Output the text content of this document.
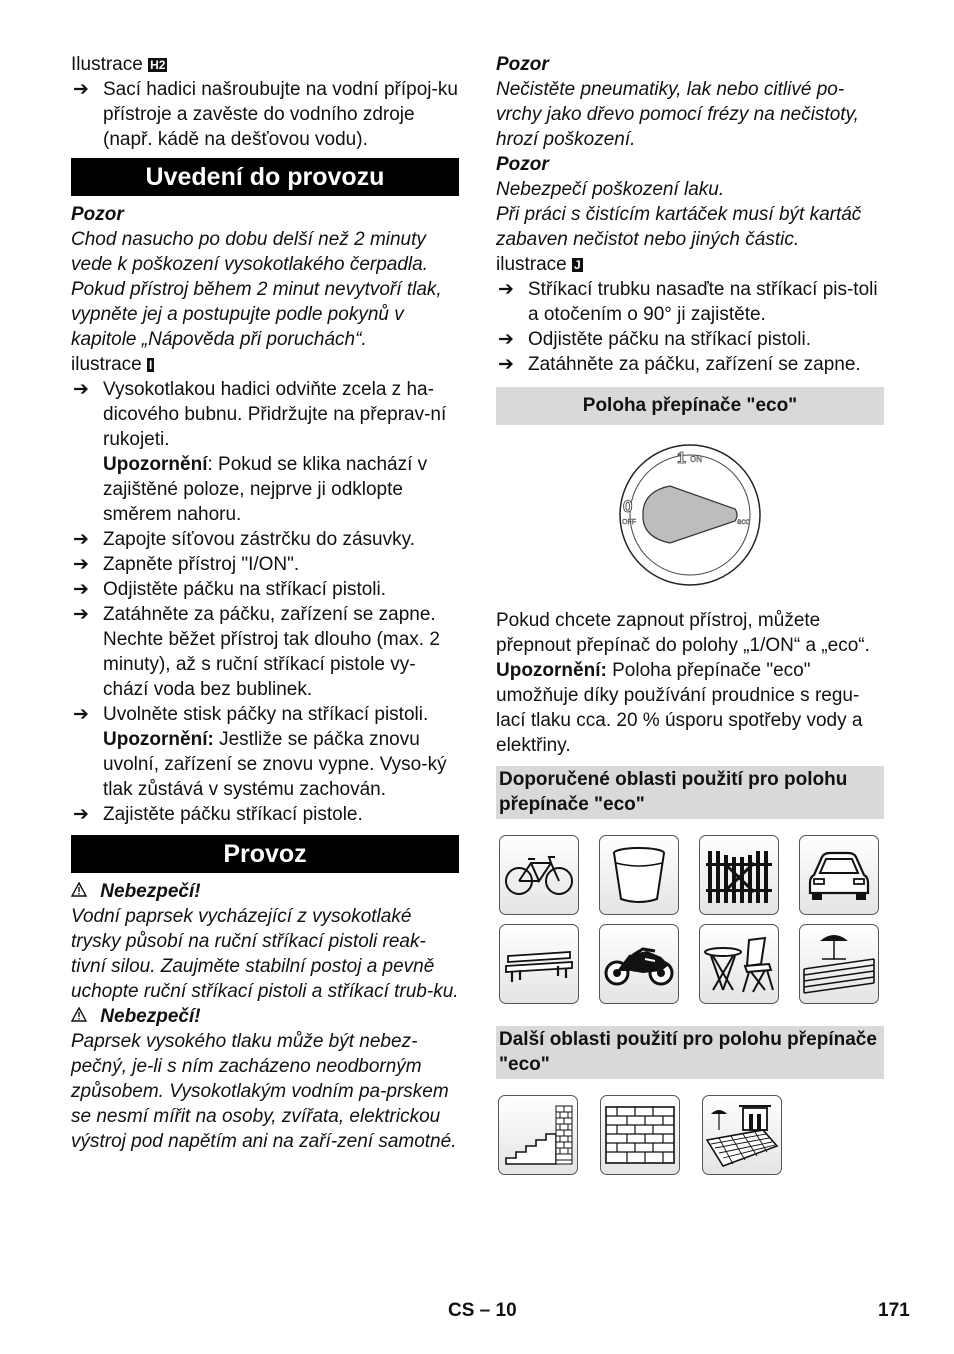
Ilustrace H2

➔ Sací hadici našroubujte na vodní přípoj-ku přístroje a zavěste do vodního zdroje (např. kádě na dešťovou vodu).
Uvedení do provozu

Pozor

Chod nasucho po dobu delší než 2 minuty vede k poškození vysokotlakého čerpadla. Pokud přístroj během 2 minut nevytvoří tlak, vypněte jej a postupujte podle pokynů v kapitole „Nápověda při poruchách“.

ilustrace I

➔ Vysokotlakou hadici odviňte zcela z ha-dicového bubnu. Přidržujte na přeprav-ní rukojeti.
Upozornění: Pokud se klika nachází v zajištěné poloze, nejprve ji odklopte směrem nahoru.
➔ Zapojte síťovou zástrčku do zásuvky.
➔ Zapněte přístroj "I/ON".
➔ Odjistěte páčku na stříkací pistoli.
➔ Zatáhněte za páčku, zařízení se zapne. Nechte běžet přístroj tak dlouho (max. 2 minuty), až s ruční stříkací pistole vy-chází voda bez bublinek.
➔ Uvolněte stisk páčky na stříkací pistoli.
Upozornění: Jestliže se páčka znovu uvolní, zařízení se znovu vypne. Vyso-ký tlak zůstává v systému zachován.
➔ Zajistěte páčku stříkací pistole.
Provoz

Nebezpečí!

Vodní paprsek vycházející z vysokotlaké trysky působí na ruční stříkací pistoli reak-tivní silou. Zaujměte stabilní postoj a pevně uchopte ruční stříkací pistoli a stříkací trub-ku.

Nebezpečí!

Paprsek vysokého tlaku může být nebez-pečný, je-li s ním zacházeno neodborným způsobem. Vysokotlakým vodním pa-prskem se nesmí mířit na osoby, zvířata, elektrickou výstroj pod napětím ani na zaří-zení samotné.

Pozor

Nečistěte pneumatiky, lak nebo citlivé po-vrchy jako dřevo pomocí frézy na nečistoty, hrozí poškození.

Pozor

Nebezpečí poškození laku.

Při práci s čistícím kartáček musí být kartáč zabaven nečistot nebo jiných částic.

ilustrace J

➔ Stříkací trubku nasaďte na stříkací pis-toli a otočením o 90° ji zajistěte.
➔ Odjistěte páčku na stříkací pistoli.
➔ Zatáhněte za páčku, zařízení se zapne.
Poloha přepínače "eco"
1 ON
0
OFF	eco

Pokud chcete zapnout přístroj, můžete přepnout přepínač do polohy „1/ON“ a „eco“.

Upozornění: Poloha přepínače "eco" umožňuje díky používání proudnice s regu-lací tlaku cca. 20 % úsporu spotřeby vody a elektřiny.

Doporučené oblasti použití pro polohu přepínače "eco"
Další oblasti použití pro polohu přepínače "eco"
CS – 10	171
